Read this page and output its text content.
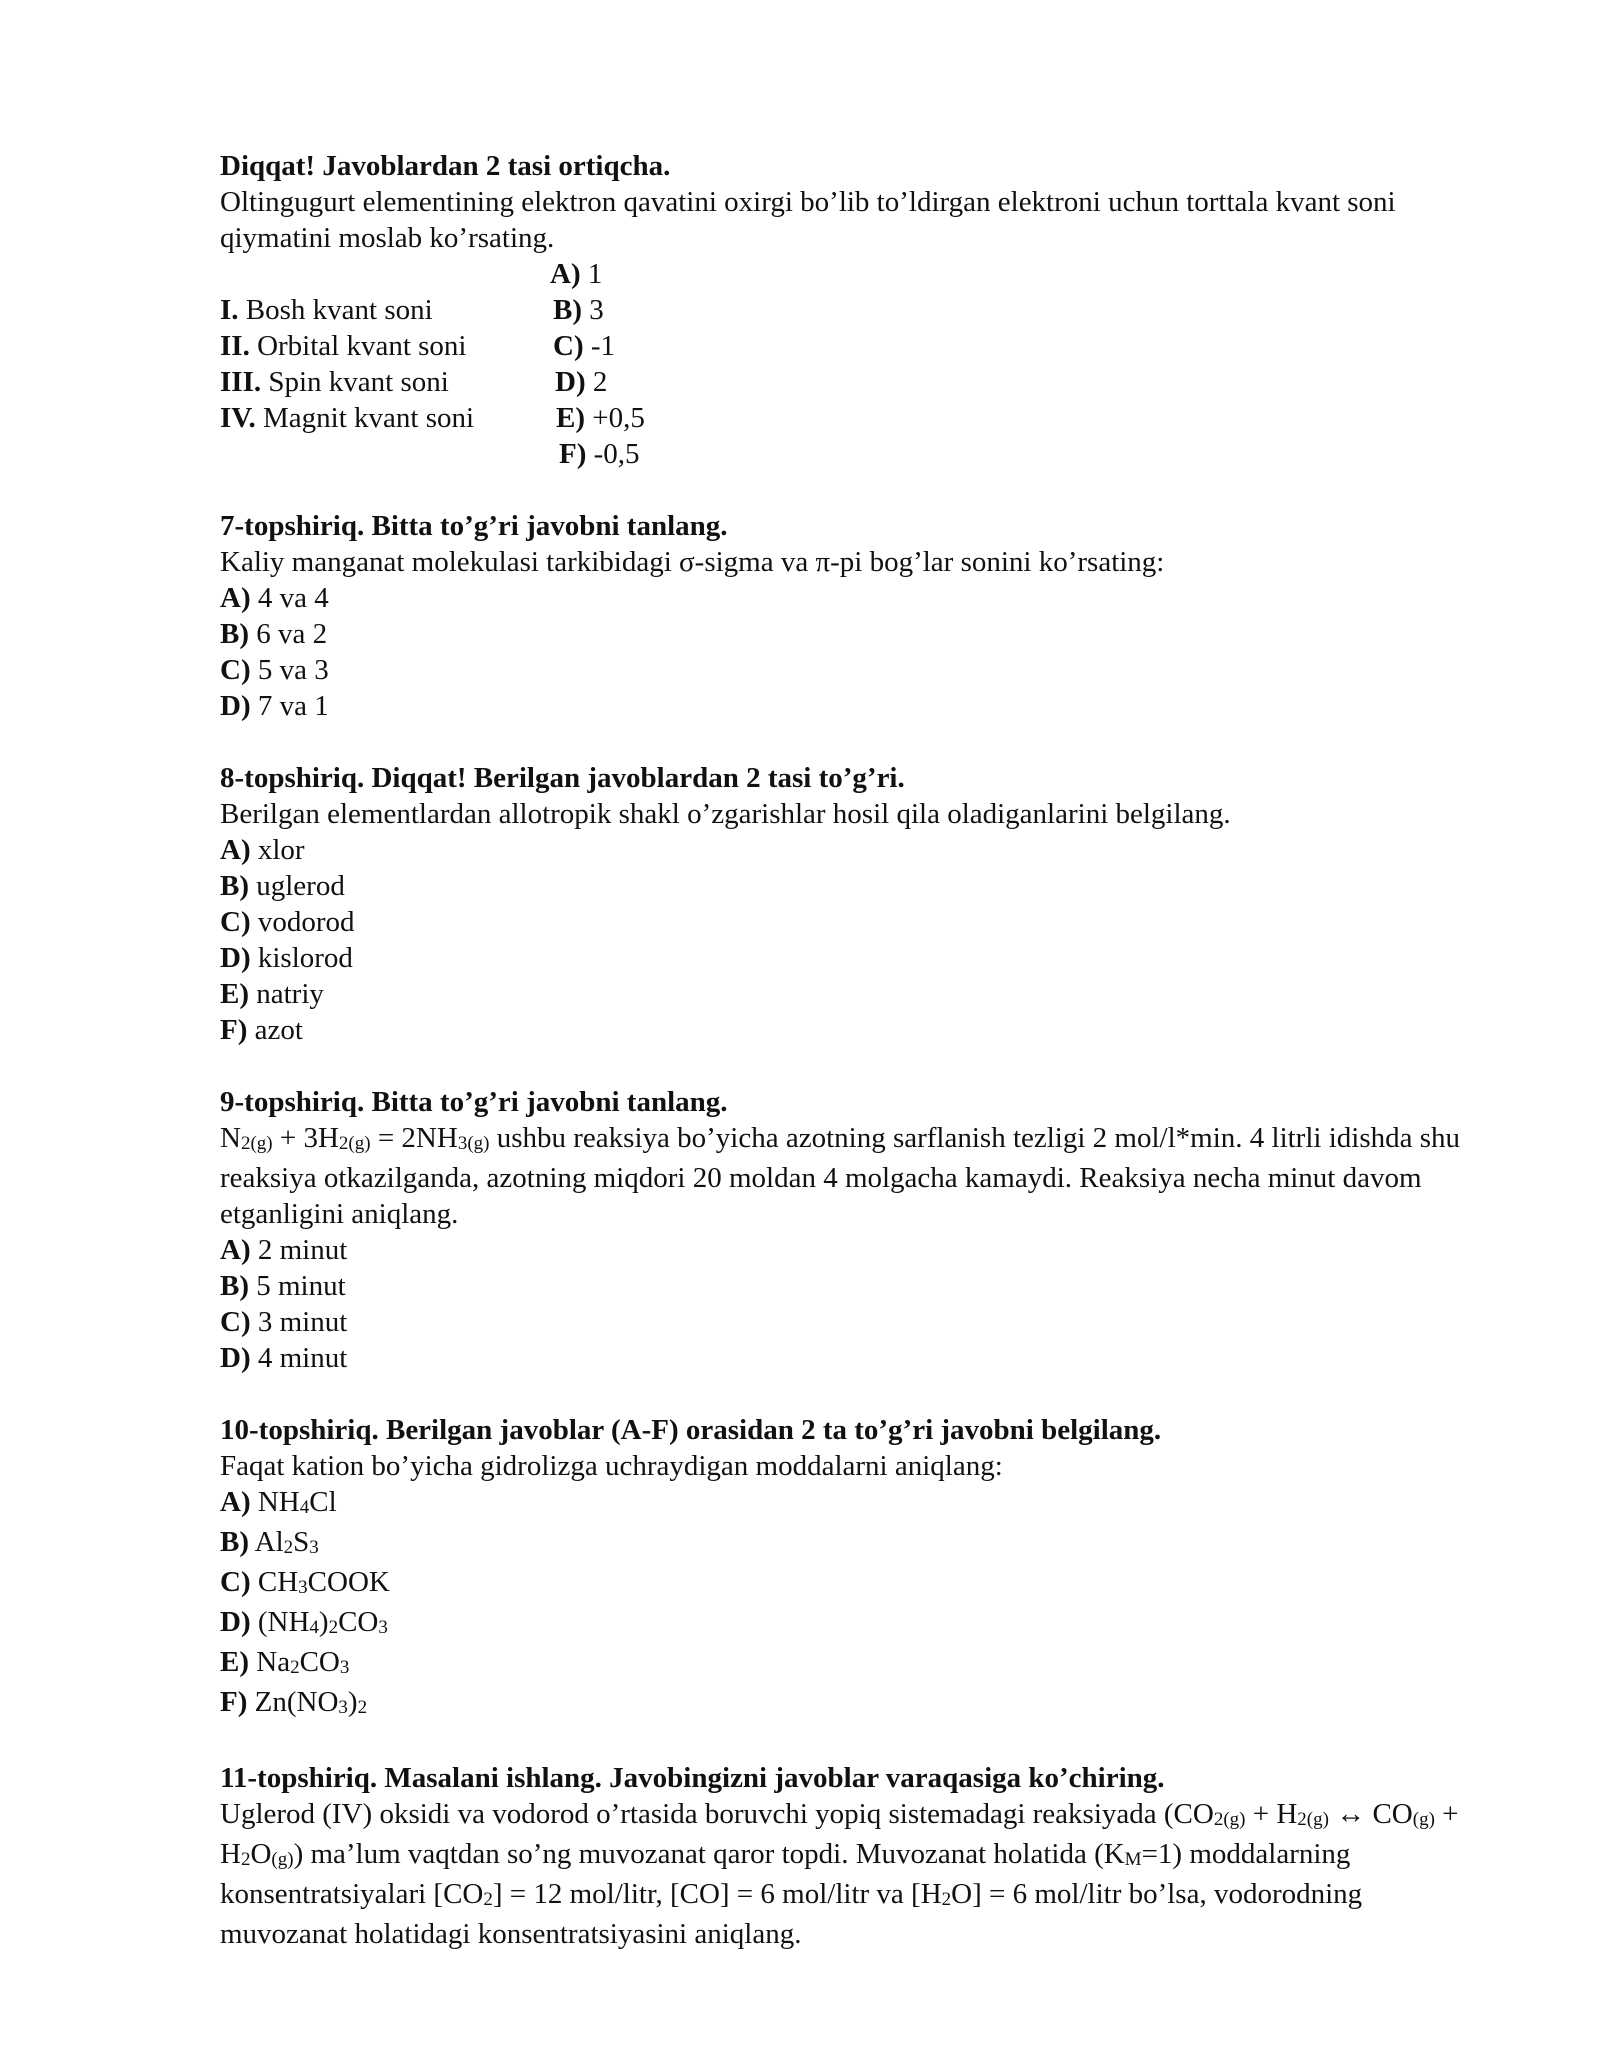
Diqqat! Javoblardan 2 tasi ortiqcha.

Oltingugurt elementining elektron qavatini oxirgi bo’lib to’ldirgan elektroni uchun torttala kvant soni qiymatini moslab ko’rsating.

A) 1
I. Bosh kvant soni	B) 3
II. Orbital kvant soni	C) -1
III. Spin kvant soni	D) 2
IV. Magnit kvant soni	E) +0,5
F) -0,5

7-topshiriq. Bitta to’g’ri javobni tanlang.

Kaliy manganat molekulasi tarkibidagi σ-sigma va π-pi bog’lar sonini ko’rsating:

A) 4 va 4

B) 6 va 2

C) 5 va 3

D) 7 va 1

8-topshiriq. Diqqat! Berilgan javoblardan 2 tasi to’g’ri.

Berilgan elementlardan allotropik shakl o’zgarishlar hosil qila oladiganlarini belgilang.

A) xlor

B) uglerod

C) vodorod

D) kislorod

E) natriy

F) azot

9-topshiriq. Bitta to’g’ri javobni tanlang.

$N_{2(g)} + 3H_{2(g)} = 2NH_{3(g)}$ ushbu reaksiya bo’yicha azotning sarflanish tezligi 2 mol/l*min. 4 litrli idishda shu reaksiya otkazilganda, azotning miqdori 20 moldan 4 molgacha kamaydi. Reaksiya necha minut davom etganligini aniqlang.

A) 2 minut

B) 5 minut

C) 3 minut

D) 4 minut

10-topshiriq. Berilgan javoblar (A-F) orasidan 2 ta to’g’ri javobni belgilang.

Faqat kation bo’yicha gidrolizga uchraydigan moddalarni aniqlang:

A) $NH_4Cl$

B) $Al_2S_3$

C) $CH_3COOK$

D) $(NH_4)_2CO_3$

E) $Na_2CO_3$

F) $Zn(NO_3)_2$

11-topshiriq. Masalani ishlang. Javobingizni javoblar varaqasiga ko’chiring.

Uglerod (IV) oksidi va vodorod o’rtasida boruvchi yopiq sistemadagi reaksiyada ($CO_{2(g)} + H_{2(g)}$ ↔ $CO_{(g)} + H_2O_{(g)}$) ma’lum vaqtdan so’ng muvozanat qaror topdi. Muvozanat holatida $(K_M=1)$ moddalarning konsentratsiyalari $[CO_2] = 12$ mol/litr, [CO] = 6 mol/litr va $[H_2O] = 6$ mol/litr bo’lsa, vodorodning muvozanat holatidagi konsentratsiyasini aniqlang.
